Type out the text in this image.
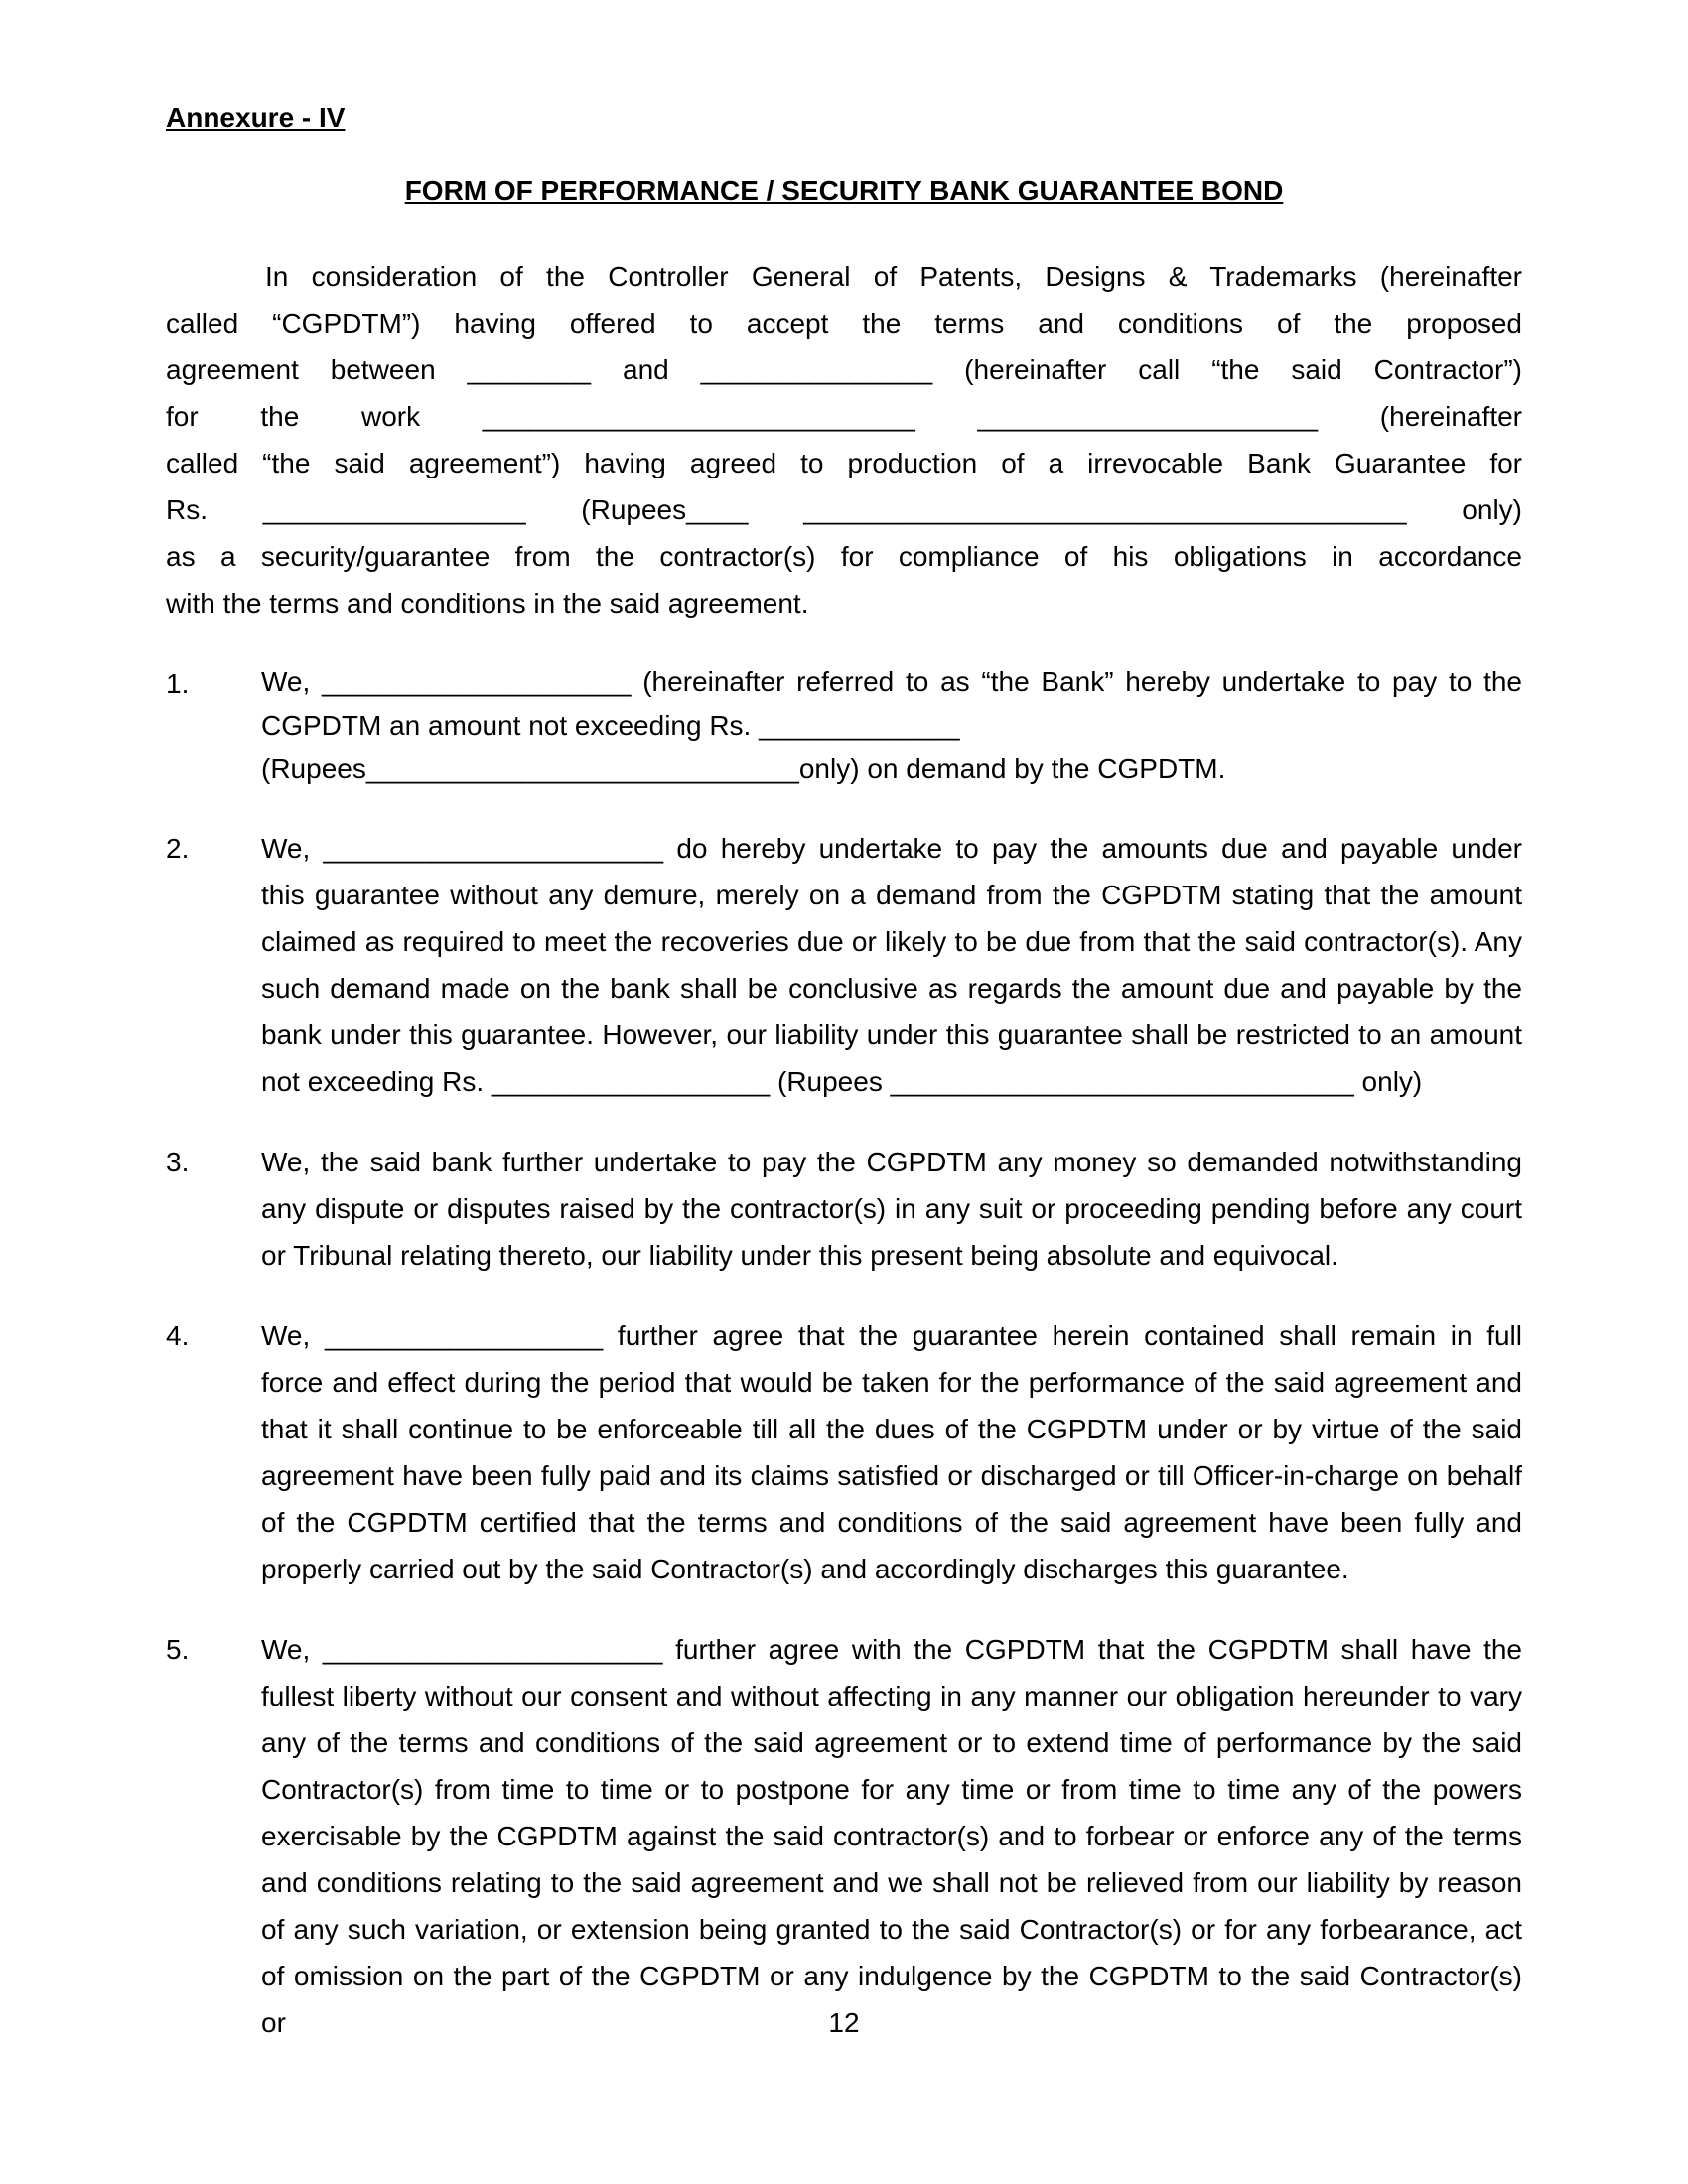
Annexure - IV
FORM OF PERFORMANCE / SECURITY BANK GUARANTEE BOND
In consideration of the Controller General of Patents, Designs & Trademarks (hereinafter
called “CGPDTM”) having offered to accept the terms and conditions of the proposed
agreement between ________ and _______________ (hereinafter call “the said Contractor”)
for the work ____________________________ ______________________ (hereinafter
called “the said agreement”) having agreed to production of a irrevocable Bank Guarantee for
Rs. _________________ (Rupees____ _______________________________________ only)
as a security/guarantee from the contractor(s) for compliance of his obligations in accordance
with the terms and conditions in the said agreement.
1.	We, ____________________ (hereinafter referred to as “the Bank” hereby undertake to pay to the
CGPDTM an amount not exceeding Rs. _____________
(Rupees____________________________only) on demand by the CGPDTM.
2.	We, ______________________ do hereby undertake to pay the amounts due and payable under
this guarantee without any demure, merely on a demand from the CGPDTM stating that the amount
claimed as required to meet the recoveries due or likely to be due from that the said contractor(s). Any
such demand made on the bank shall be conclusive as regards the amount due and payable by the
bank under this guarantee. However, our liability under this guarantee shall be restricted to an amount
not exceeding Rs. __________________ (Rupees ______________________________ only)
3.	We, the said bank further undertake to pay the CGPDTM any money so demanded notwithstanding
any dispute or disputes raised by the contractor(s) in any suit or proceeding pending before any court
or Tribunal relating thereto, our liability under this present being absolute and equivocal.
4.	We, __________________ further agree that the guarantee herein contained shall remain in full
force and effect during the period that would be taken for the performance of the said agreement and
that it shall continue to be enforceable till all the dues of the CGPDTM under or by virtue of the said
agreement have been fully paid and its claims satisfied or discharged or till Officer-in-charge on behalf
of the CGPDTM certified that the terms and conditions of the said agreement have been fully and
properly carried out by the said Contractor(s) and accordingly discharges this guarantee.
5.	We, ______________________ further agree with the CGPDTM that the CGPDTM shall have the
fullest liberty without our consent and without affecting in any manner our obligation hereunder to vary
any of the terms and conditions of the said agreement or to extend time of performance by the said
Contractor(s) from time to time or to postpone for any time or from time to time any of the powers
exercisable by the CGPDTM against the said contractor(s) and to forbear or enforce any of the terms
and conditions relating to the said agreement and we shall not be relieved from our liability by reason
of any such variation, or extension being granted to the said Contractor(s) or for any forbearance, act
of omission on the part of the CGPDTM or any indulgence by the CGPDTM to the said Contractor(s) or	12
